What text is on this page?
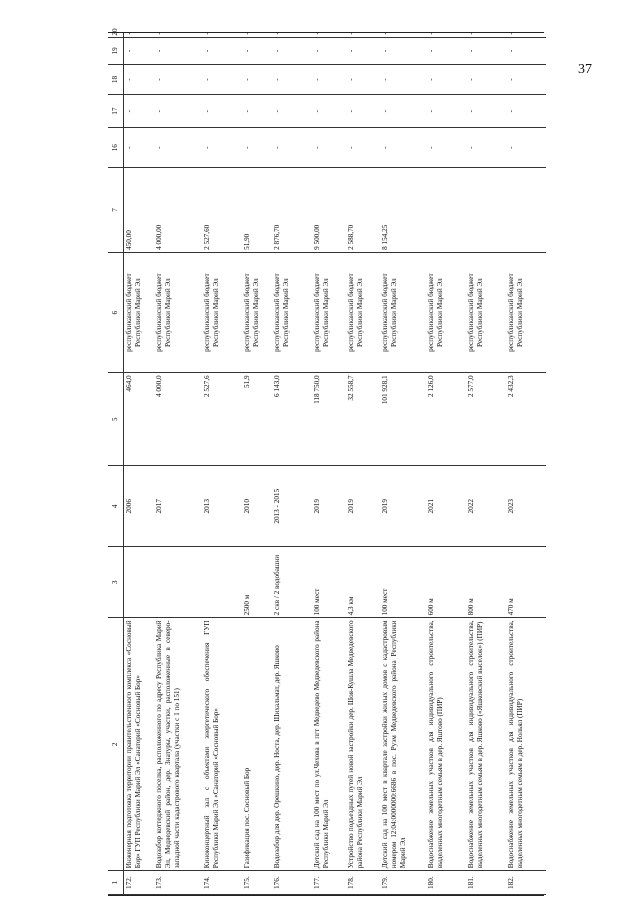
37
1	2	3	4	5	6	7	16	17	18	19	20
172.	Инженерная подготовка территории правительственного комплекса «Сосновый Бор» ГУП Республики Марий Эл «Санаторий «Сосновый Бор»		2006	464,0	республиканский бюджет Республики Марий Эл	450,00	-	-	-	-	-
173.	Водозабор коттеджного поселка, расположенного по адресу Республика Марий Эл, Медведевский район, дер. Знатуры, участки, расположенные в северо-западной части кадастрового квартала (участки с 1 по 151)		2017	4 000,0	республиканский бюджет Республики Марий Эл	4 000,00	-	-	-	-	-
174.	Киноконцертный зал с объектами энергетического обеспечения ГУП Республики Марий Эл «Санаторий «Сосновый Бор»		2013	2 527,6	республиканский бюджет Республики Марий Эл	2 527,60	-	-	-	-	-
175.	Газификация пос. Сосновый Бор	2500 м	2010	51,9	республиканский бюджет Республики Марий Эл	51,90	-	-	-	-	-
176.	Водозабор для дер. Орешкино, дер. Носта, дер. Шихальмат, дер. Яшково	2 скв / 2 водобашни	2013 - 2015	6 143,0	республиканский бюджет Республики Марий Эл	2 876,70	-	-	-	-	-
177.	Детский сад на 100 мест по ул.Чехова в пгт Медведево Медведевского района Республики Марий Эл	100 мест	2019	118 750,0	республиканский бюджет Республики Марий Эл	9 500,00	-	-	-	-	-
178.	Устройство подъездных путей новой застройки дер. Шоя-Кушла Медведевского района Республики Марий Эл	4,3 км	2019	32 558,7	республиканский бюджет Республики Марий Эл	2 588,70	-	-	-	-	-
179.	Детский сад на 100 мест в квартале застройки жилых домов с кадастровым номером 12:04:0000000:6686 в пос. Руэм Медведевского района Республики Марий Эл	100 мест	2019	101 928,1	республиканский бюджет Республики Марий Эл	8 154,25	-	-	-	-	-
180.	Водоснабжение земельных участков для индивидуального строительства, выделенных многодетным семьям в дер. Яштово (ПИР)	600 м	2021	2 126,0	республиканский бюджет Республики Марий Эл		-	-	-	-	-
181.	Водоснабжение земельных участков для индивидуального строительства, выделенных многодетным семьям в дер. Яшково («Яшковский выселок») (ПИР)	800 м	2022	2 577,0	республиканский бюджет Республики Марий Эл		-	-	-	-	-
182.	Водоснабжение земельных участков для индивидуального строительства, выделенных многодетным семьям в дер. Нольял (ПИР)	470 м	2023	2 432,3	республиканский бюджет Республики Марий Эл		-	-	-	-	-
